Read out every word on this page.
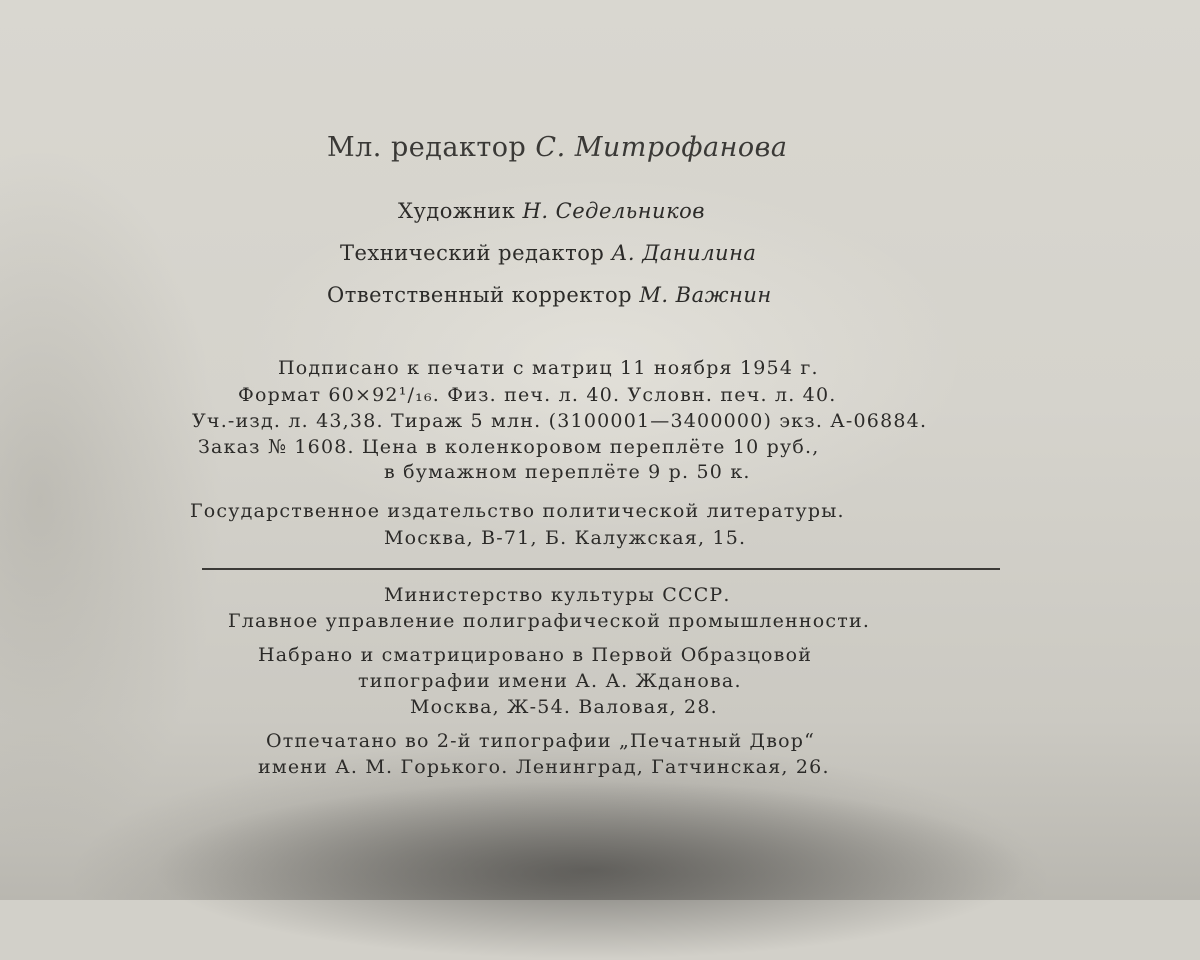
Мл. редактор С. Митрофанова
Художник Н. Седельников
Технический редактор А. Данилина
Ответственный корректор М. Важнин
Подписано к печати с матриц 11 ноября 1954 г.
Формат 60×92¹/₁₆. Физ. печ. л. 40. Условн. печ. л. 40.
Уч.-изд. л. 43,38. Тираж 5 млн. (3100001—3400000) экз. А-06884.
Заказ № 1608. Цена в коленкоровом переплёте 10 руб.,
в бумажном переплёте 9 р. 50 к.
Государственное издательство политической литературы.
Москва, В-71, Б. Калужская, 15.
Министерство культуры СССР.
Главное управление полиграфической промышленности.
Набрано и сматрицировано в Первой Образцовой
типографии имени А. А. Жданова.
Москва, Ж-54. Валовая, 28.
Отпечатано во 2-й типографии „Печатный Двор“
имени А. М. Горького. Ленинград, Гатчинская, 26.
